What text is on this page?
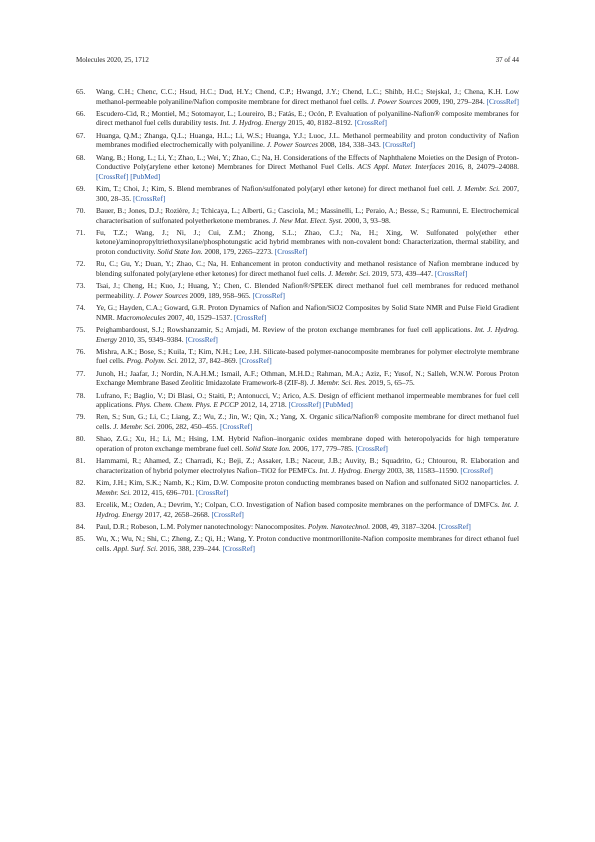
Molecules 2020, 25, 1712	37 of 44
65. Wang, C.H.; Chenc, C.C.; Hsud, H.C.; Dud, H.Y.; Chend, C.P.; Hwangd, J.Y.; Chend, L.C.; Shihb, H.C.; Stejskal, J.; Chena, K.H. Low methanol-permeable polyaniline/Nafion composite membrane for direct methanol fuel cells. J. Power Sources 2009, 190, 279–284. [CrossRef]
66. Escudero-Cid, R.; Montiel, M.; Sotomayor, L.; Loureiro, B.; Fatás, E.; Ocón, P. Evaluation of polyaniline-Nafion® composite membranes for direct methanol fuel cells durability tests. Int. J. Hydrog. Energy 2015, 40, 8182–8192. [CrossRef]
67. Huanga, Q.M.; Zhanga, Q.L.; Huanga, H.L.; Li, W.S.; Huanga, Y.J.; Luoc, J.L. Methanol permeability and proton conductivity of Nafion membranes modified electrochemically with polyaniline. J. Power Sources 2008, 184, 338–343. [CrossRef]
68. Wang, B.; Hong, L.; Li, Y.; Zhao, L.; Wei, Y.; Zhao, C.; Na, H. Considerations of the Effects of Naphthalene Moieties on the Design of Proton-Conductive Poly(arylene ether ketone) Membranes for Direct Methanol Fuel Cells. ACS Appl. Mater. Interfaces 2016, 8, 24079–24088. [CrossRef] [PubMed]
69. Kim, T.; Choi, J.; Kim, S. Blend membranes of Nafion/sulfonated poly(aryl ether ketone) for direct methanol fuel cell. J. Membr. Sci. 2007, 300, 28–35. [CrossRef]
70. Bauer, B.; Jones, D.J.; Rozière, J.; Tchicaya, L.; Alberti, G.; Casciola, M.; Massinelli, L.; Peraio, A.; Besse, S.; Ramunni, E. Electrochemical characterisation of sulfonated polyetherketone membranes. J. New Mat. Elect. Syst. 2000, 3, 93–98.
71. Fu, T.Z.; Wang, J.; Ni, J.; Cui, Z.M.; Zhong, S.L.; Zhao, C.J.; Na, H.; Xing, W. Sulfonated poly(ether ether ketone)/aminopropyltriethoxysilane/phosphotungstic acid hybrid membranes with non-covalent bond: Characterization, thermal stability, and proton conductivity. Solid State Ion. 2008, 179, 2265–2273. [CrossRef]
72. Ru, C.; Gu, Y.; Duan, Y.; Zhao, C.; Na, H. Enhancement in proton conductivity and methanol resistance of Nafion membrane induced by blending sulfonated poly(arylene ether ketones) for direct methanol fuel cells. J. Membr. Sci. 2019, 573, 439–447. [CrossRef]
73. Tsai, J.; Cheng, H.; Kuo, J.; Huang, Y.; Chen, C. Blended Nafion®/SPEEK direct methanol fuel cell membranes for reduced methanol permeability. J. Power Sources 2009, 189, 958–965. [CrossRef]
74. Ye, G.; Hayden, C.A.; Goward, G.R. Proton Dynamics of Nafion and Nafion/SiO2 Composites by Solid State NMR and Pulse Field Gradient NMR. Macromolecules 2007, 40, 1529–1537. [CrossRef]
75. Peighambardoust, S.J.; Rowshanzamir, S.; Amjadi, M. Review of the proton exchange membranes for fuel cell applications. Int. J. Hydrog. Energy 2010, 35, 9349–9384. [CrossRef]
76. Mishra, A.K.; Bose, S.; Kuila, T.; Kim, N.H.; Lee, J.H. Silicate-based polymer-nanocomposite membranes for polymer electrolyte membrane fuel cells. Prog. Polym. Sci. 2012, 37, 842–869. [CrossRef]
77. Junoh, H.; Jaafar, J.; Nordin, N.A.H.M.; Ismail, A.F.; Othman, M.H.D.; Rahman, M.A.; Aziz, F.; Yusof, N.; Salleh, W.N.W. Porous Proton Exchange Membrane Based Zeolitic Imidazolate Framework-8 (ZIF-8). J. Membr. Sci. Res. 2019, 5, 65–75.
78. Lufrano, F.; Baglio, V.; Di Blasi, O.; Staiti, P.; Antonucci, V.; Arico, A.S. Design of efficient methanol impermeable membranes for fuel cell applications. Phys. Chem. Chem. Phys. E PCCP 2012, 14, 2718. [CrossRef] [PubMed]
79. Ren, S.; Sun, G.; Li, C.; Liang, Z.; Wu, Z.; Jin, W.; Qin, X.; Yang, X. Organic silica/Nafion® composite membrane for direct methanol fuel cells. J. Membr. Sci. 2006, 282, 450–455. [CrossRef]
80. Shao, Z.G.; Xu, H.; Li, M.; Hsing, I.M. Hybrid Nafion–inorganic oxides membrane doped with heteropolyacids for high temperature operation of proton exchange membrane fuel cell. Solid State Ion. 2006, 177, 779–785. [CrossRef]
81. Hammami, R.; Ahamed, Z.; Charradi, K.; Beji, Z.; Assaker, I.B.; Naceur, J.B.; Auvity, B.; Squadrito, G.; Chtourou, R. Elaboration and characterization of hybrid polymer electrolytes Nafion–TiO2 for PEMFCs. Int. J. Hydrog. Energy 2003, 38, 11583–11590. [CrossRef]
82. Kim, J.H.; Kim, S.K.; Namb, K.; Kim, D.W. Composite proton conducting membranes based on Nafion and sulfonated SiO2 nanoparticles. J. Membr. Sci. 2012, 415, 696–701. [CrossRef]
83. Ercelik, M.; Ozden, A.; Devrim, Y.; Colpan, C.O. Investigation of Nafion based composite membranes on the performance of DMFCs. Int. J. Hydrog. Energy 2017, 42, 2658–2668. [CrossRef]
84. Paul, D.R.; Robeson, L.M. Polymer nanotechnology: Nanocomposites. Polym. Nanotechnol. 2008, 49, 3187–3204. [CrossRef]
85. Wu, X.; Wu, N.; Shi, C.; Zheng, Z.; Qi, H.; Wang, Y. Proton conductive montmorillonite-Nafion composite membranes for direct ethanol fuel cells. Appl. Surf. Sci. 2016, 388, 239–244. [CrossRef]
